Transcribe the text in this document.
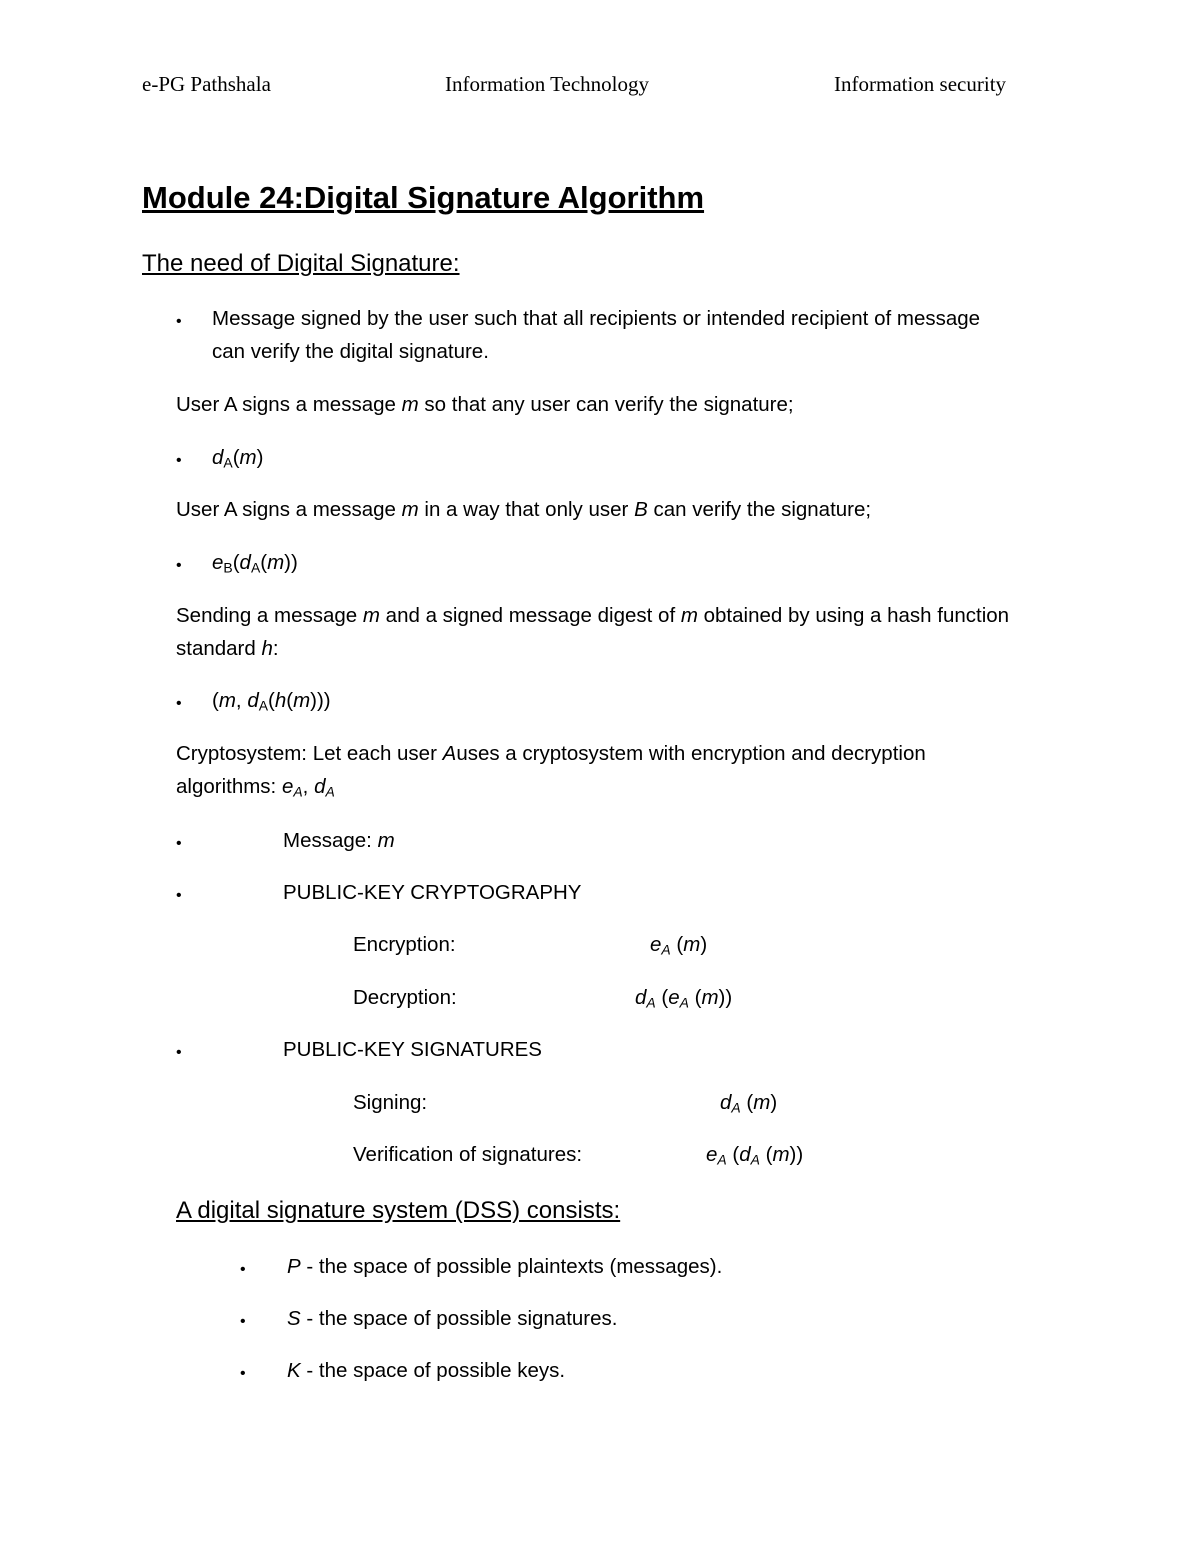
e-PG Pathshala	Information Technology	Information security
Module 24:Digital Signature Algorithm
The need of Digital Signature:
• Message signed by the user such that all recipients or intended recipient of message
can verify the digital signature.
User A signs a message m so that any user can verify the signature;
• $d_A(m)$
User A signs a message m in a way that only user B can verify the signature;
• $e_B(d_A(m))$
Sending a message m and a signed message digest of m obtained by using a hash function
standard h:
• (m, $d_A(h(m))$)
Cryptosystem: Let each user Auses a cryptosystem with encryption and decryption
algorithms: $e_A$, $d_A$
•	Message: m
•	PUBLIC-KEY CRYPTOGRAPHY
Encryption:	$e_A$ (m)
Decryption:	$d_A$ ($e_A$ (m))
•	PUBLIC-KEY SIGNATURES
Signing:	$d_A$ (m)
Verification of signatures:	$e_A$ ($d_A$ (m))
A digital signature system (DSS) consists:
• P - the space of possible plaintexts (messages).
• S - the space of possible signatures.
• K - the space of possible keys.
